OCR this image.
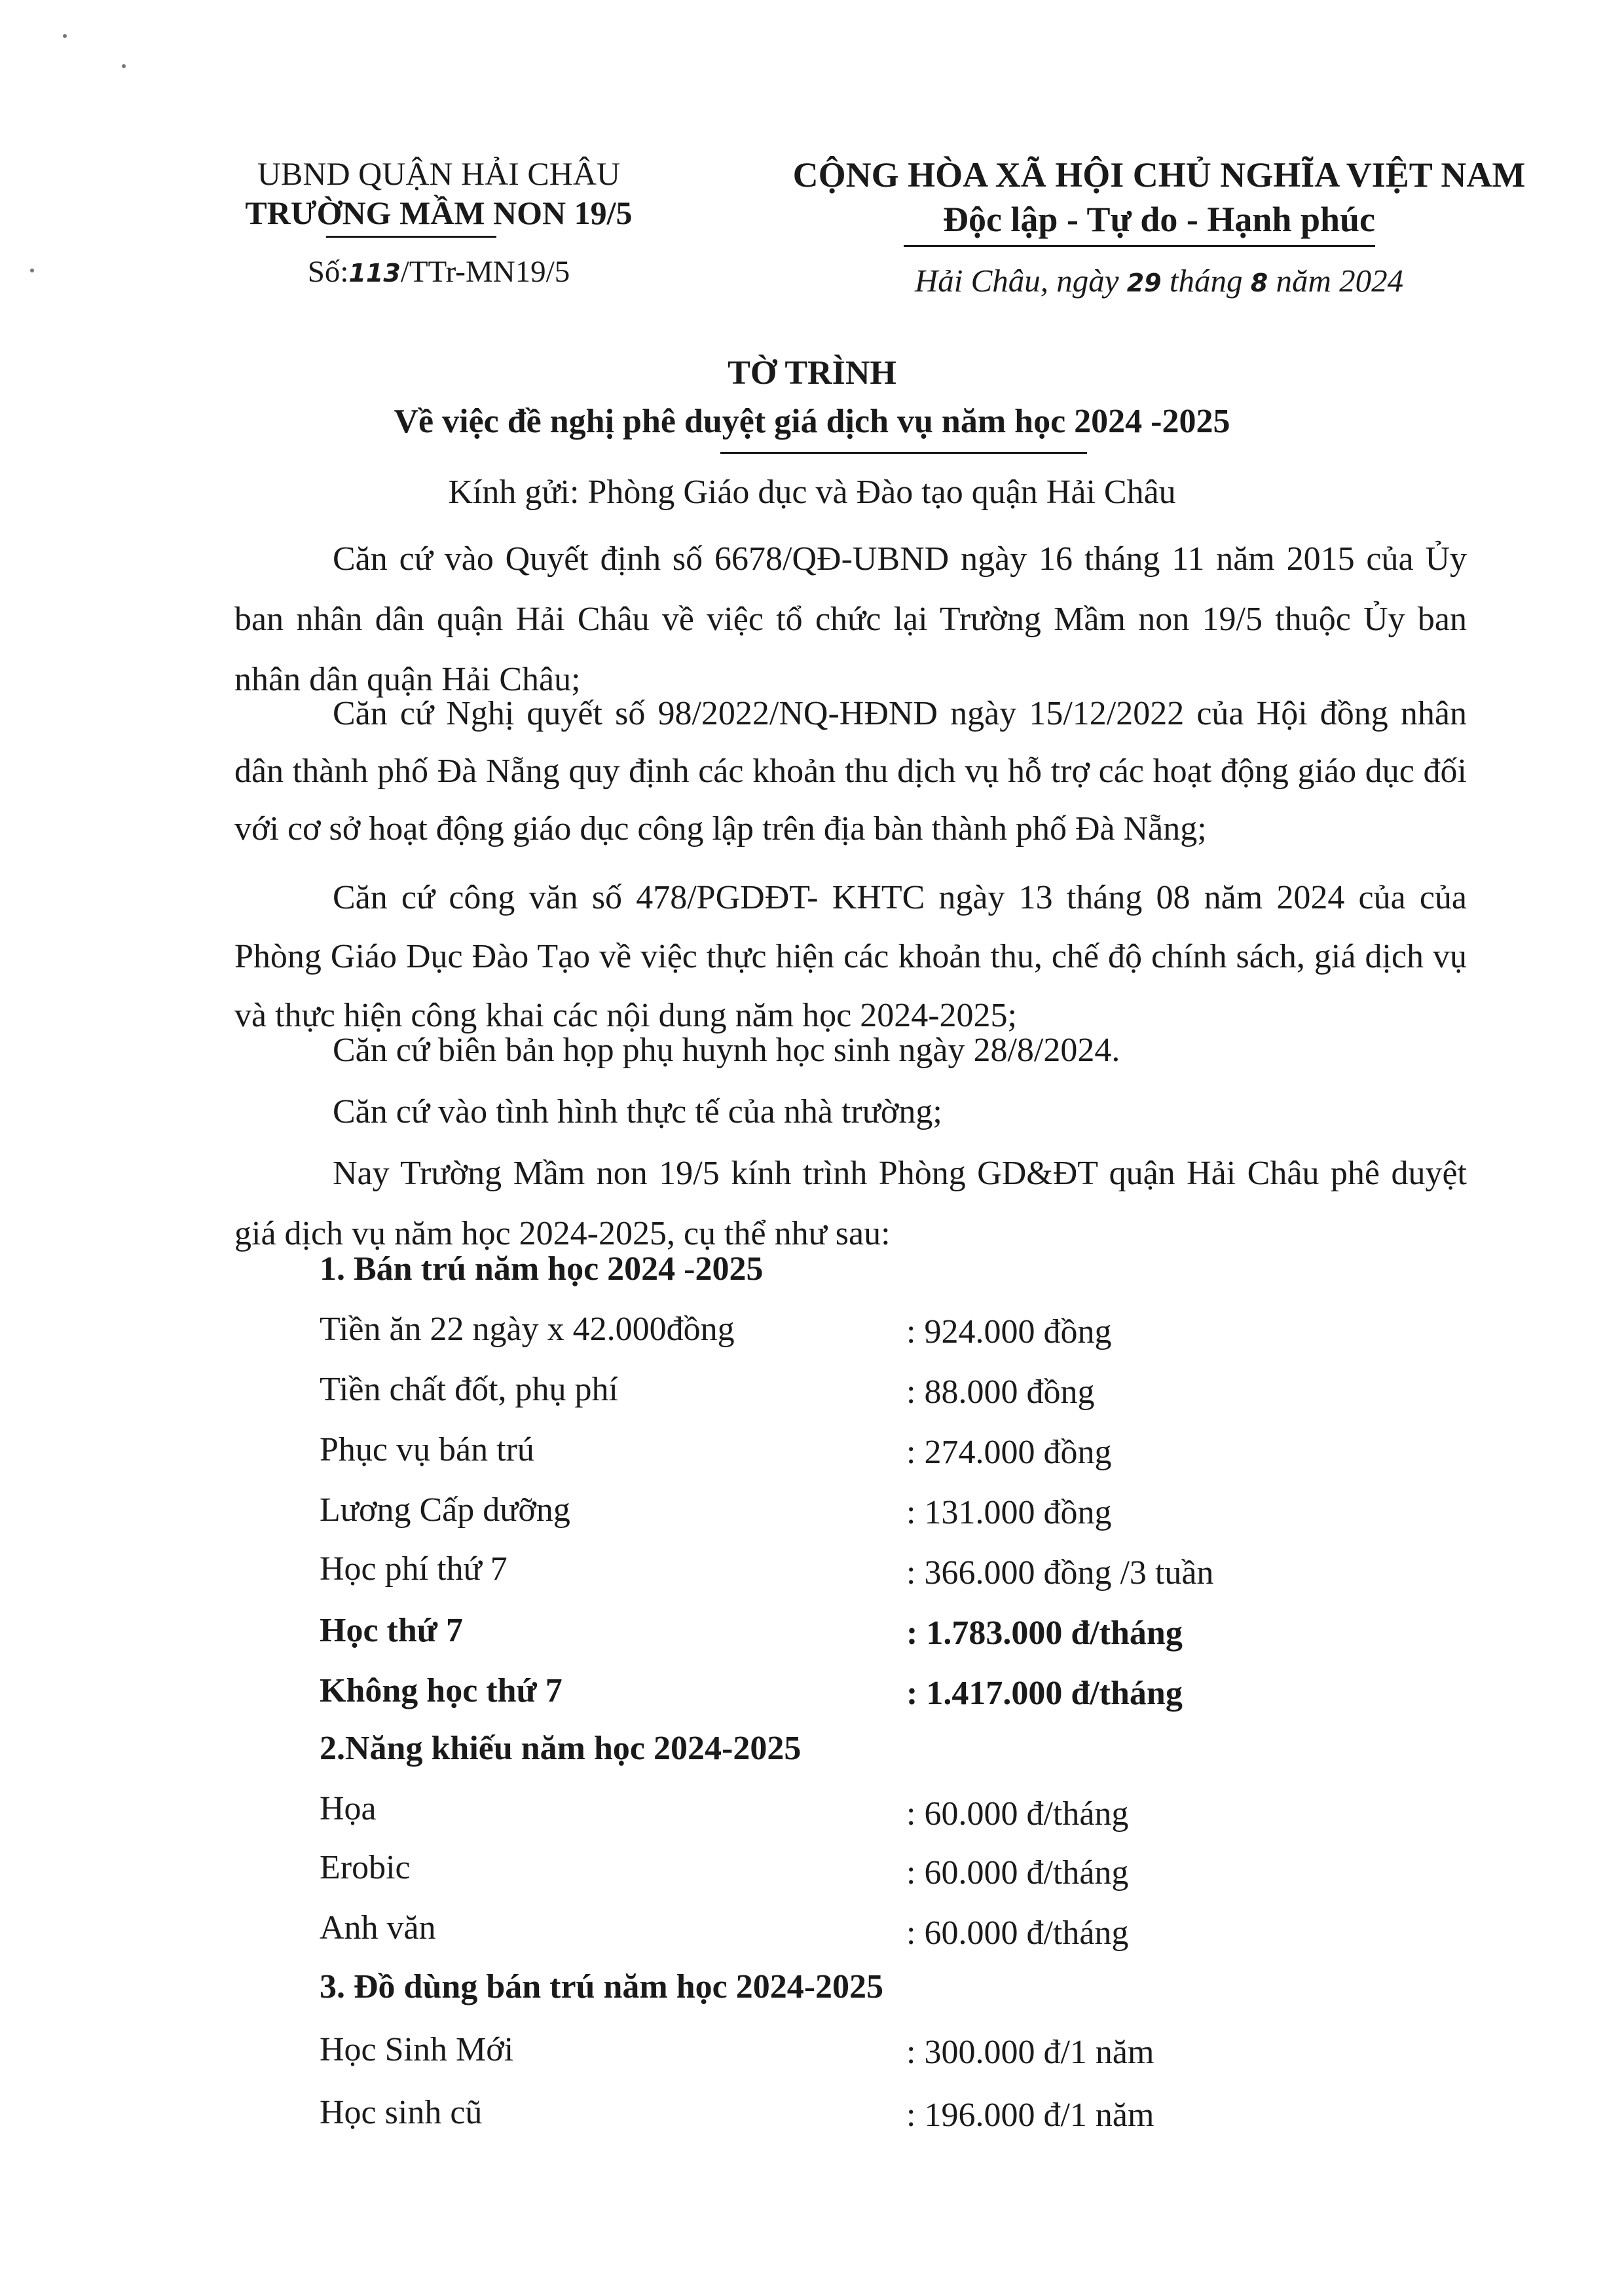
UBND QUẬN HẢI CHÂU
TRƯỜNG MẦM NON 19/5
Số:113/TTr-MN19/5
CỘNG HÒA XÃ HỘI CHỦ NGHĨA VIỆT NAM
Độc lập - Tự do - Hạnh phúc
Hải Châu, ngày 29 tháng 8 năm 2024
TỜ TRÌNH
Về việc đề nghị phê duyệt giá dịch vụ năm học 2024 -2025
Kính gửi: Phòng Giáo dục và Đào tạo quận Hải Châu

Căn cứ vào Quyết định số 6678/QĐ-UBND ngày 16 tháng 11 năm 2015 của Ủy ban nhân dân quận Hải Châu về việc tổ chức lại Trường Mầm non 19/5 thuộc Ủy ban nhân dân quận Hải Châu;

Căn cứ Nghị quyết số 98/2022/NQ-HĐND ngày 15/12/2022 của Hội đồng nhân dân thành phố Đà Nẵng quy định các khoản thu dịch vụ hỗ trợ các hoạt động giáo dục đối với cơ sở hoạt động giáo dục công lập trên địa bàn thành phố Đà Nẵng;

Căn cứ công văn số 478/PGDĐT- KHTC ngày 13 tháng 08 năm 2024 của của Phòng Giáo Dục Đào Tạo về việc thực hiện các khoản thu, chế độ chính sách, giá dịch vụ và thực hiện công khai các nội dung năm học 2024-2025;

Căn cứ biên bản họp phụ huynh học sinh ngày 28/8/2024.

Căn cứ vào tình hình thực tế của nhà trường;

Nay Trường Mầm non 19/5 kính trình Phòng GD&ĐT quận Hải Châu phê duyệt giá dịch vụ năm học 2024-2025, cụ thể như sau:

1. Bán trú năm học 2024 -2025
Tiền ăn 22 ngày x 42.000đồng	: 924.000 đồng
Tiền chất đốt, phụ phí	: 88.000 đồng
Phục vụ bán trú	: 274.000 đồng
Lương Cấp dưỡng	: 131.000 đồng
Học phí thứ 7	: 366.000 đồng /3 tuần
Học thứ 7	: 1.783.000 đ/tháng
Không học thứ 7	: 1.417.000 đ/tháng
2.Năng khiếu năm học 2024-2025
Họa	: 60.000 đ/tháng
Erobic	: 60.000 đ/tháng
Anh văn	: 60.000 đ/tháng
3. Đồ dùng bán trú năm học 2024-2025
Học Sinh Mới	: 300.000 đ/1 năm
Học sinh cũ	: 196.000 đ/1 năm
